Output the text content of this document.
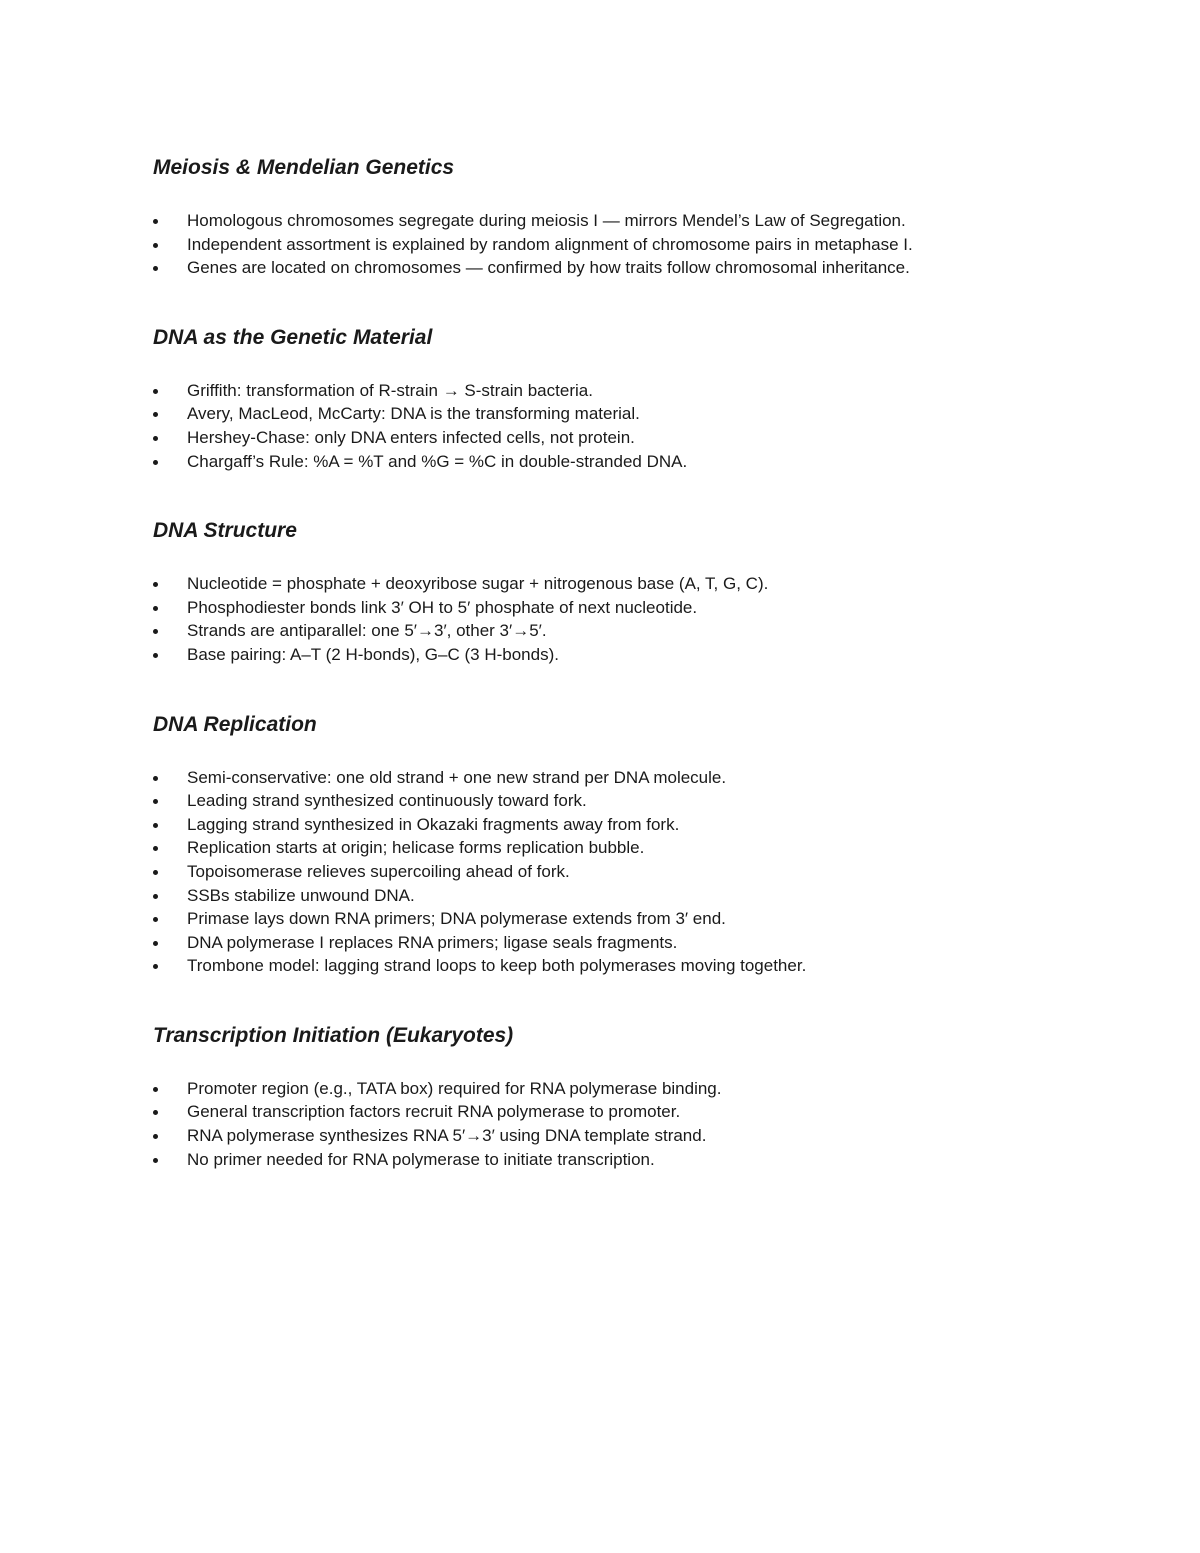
Meiosis & Mendelian Genetics
Homologous chromosomes segregate during meiosis I — mirrors Mendel’s Law of Segregation.
Independent assortment is explained by random alignment of chromosome pairs in metaphase I.
Genes are located on chromosomes — confirmed by how traits follow chromosomal inheritance.
DNA as the Genetic Material
Griffith: transformation of R-strain → S-strain bacteria.
Avery, MacLeod, McCarty: DNA is the transforming material.
Hershey-Chase: only DNA enters infected cells, not protein.
Chargaff’s Rule: %A = %T and %G = %C in double-stranded DNA.
DNA Structure
Nucleotide = phosphate + deoxyribose sugar + nitrogenous base (A, T, G, C).
Phosphodiester bonds link 3′ OH to 5′ phosphate of next nucleotide.
Strands are antiparallel: one 5′→3′, other 3′→5′.
Base pairing: A–T (2 H-bonds), G–C (3 H-bonds).
DNA Replication
Semi-conservative: one old strand + one new strand per DNA molecule.
Leading strand synthesized continuously toward fork.
Lagging strand synthesized in Okazaki fragments away from fork.
Replication starts at origin; helicase forms replication bubble.
Topoisomerase relieves supercoiling ahead of fork.
SSBs stabilize unwound DNA.
Primase lays down RNA primers; DNA polymerase extends from 3′ end.
DNA polymerase I replaces RNA primers; ligase seals fragments.
Trombone model: lagging strand loops to keep both polymerases moving together.
Transcription Initiation (Eukaryotes)
Promoter region (e.g., TATA box) required for RNA polymerase binding.
General transcription factors recruit RNA polymerase to promoter.
RNA polymerase synthesizes RNA 5′→3′ using DNA template strand.
No primer needed for RNA polymerase to initiate transcription.
